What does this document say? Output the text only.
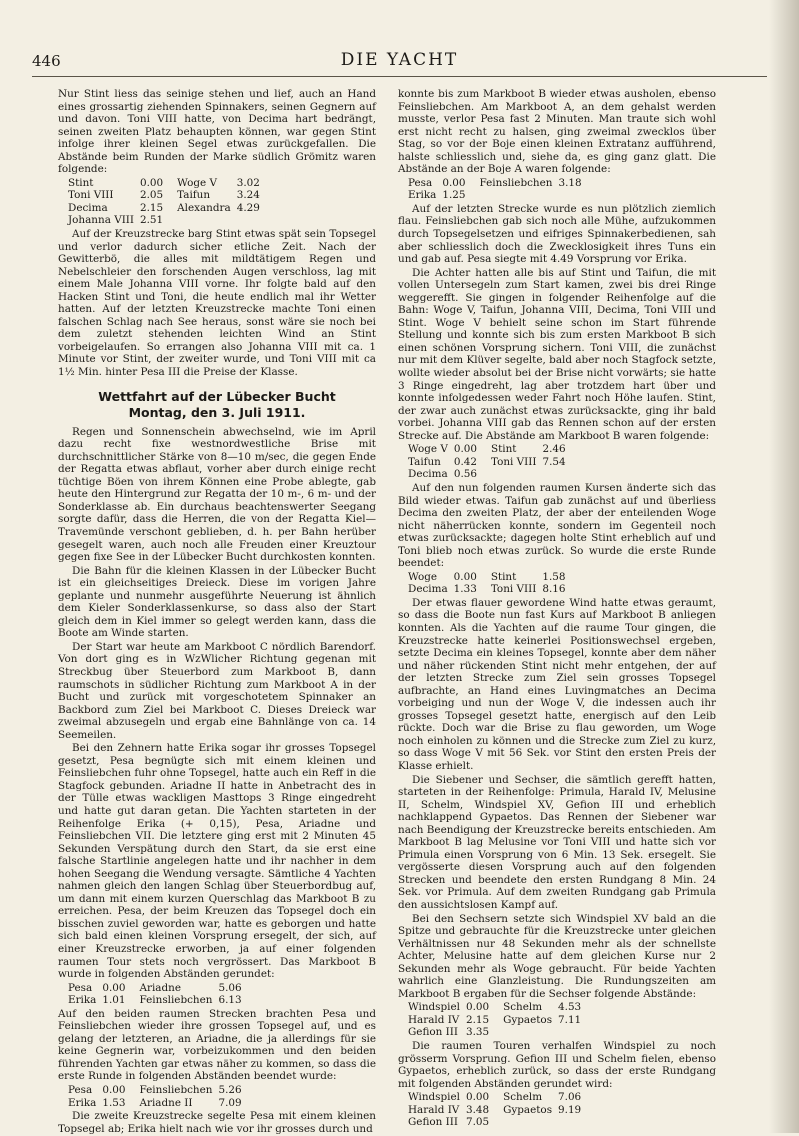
446	DIE YACHT

Nur Stint liess das seinige stehen und lief, auch an Hand eines grossartig ziehenden Spinnakers, seinen Gegnern auf und davon. Toni VIII hatte, von Decima hart bedrängt, seinen zweiten Platz behaupten können, war gegen Stint infolge ihrer kleinen Segel etwas zurückgefallen. Die Abstände beim Runden der Marke südlich Grömitz waren folgende:

Stint	0.00	Woge V	3.02
Toni VIII	2.05	Taifun	3.24
Decima	2.15	Alexandra	4.29
Johanna VIII	2.51		

Auf der Kreuzstrecke barg Stint etwas spät sein Topsegel und verlor dadurch sicher etliche Zeit. Nach der Gewitterbö, die alles mit mildtätigem Regen und Nebelschleier den forschenden Augen verschloss, lag mit einem Male Johanna VIII vorne. Ihr folgte bald auf den Hacken Stint und Toni, die heute endlich mal ihr Wetter hatten. Auf der letzten Kreuzstrecke machte Toni einen falschen Schlag nach See heraus, sonst wäre sie noch bei dem zuletzt stehenden leichten Wind an Stint vorbeigelaufen. So errangen also Johanna VIII mit ca. 1 Minute vor Stint, der zweiter wurde, und Toni VIII mit ca 1½ Min. hinter Pesa III die Preise der Klasse.

Wettfahrt auf der Lübecker Bucht
Montag, den 3. Juli 1911.

Regen und Sonnenschein abwechselnd, wie im April dazu recht fixe westnordwestliche Brise mit durchschnittlicher Stärke von 8—10 m/sec, die gegen Ende der Regatta etwas abflaut, vorher aber durch einige recht tüchtige Böen von ihrem Können eine Probe ablegte, gab heute den Hintergrund zur Regatta der 10 m-, 6 m- und der Sonderklasse ab. Ein durchaus beachtenswerter Seegang sorgte dafür, dass die Herren, die von der Regatta Kiel—Travemünde verschont geblieben, d. h. per Bahn herüber gesegelt waren, auch noch alle Freuden einer Kreuztour gegen fixe See in der Lübecker Bucht durchkosten konnten.

Die Bahn für die kleinen Klassen in der Lübecker Bucht ist ein gleichseitiges Dreieck. Diese im vorigen Jahre geplante und nunmehr ausgeführte Neuerung ist ähnlich dem Kieler Sonderklassenkurse, so dass also der Start gleich dem in Kiel immer so gelegt werden kann, dass die Boote am Winde starten.

Der Start war heute am Markboot C nördlich Barendorf. Von dort ging es in WzWlicher Richtung gegenan mit Streckbug über Steuerbord zum Markboot B, dann raumschots in südlicher Richtung zum Markboot A in der Bucht und zurück mit vorgeschotetem Spinnaker an Backbord zum Ziel bei Markboot C. Dieses Dreieck war zweimal abzusegeln und ergab eine Bahnlänge von ca. 14 Seemeilen.

Bei den Zehnern hatte Erika sogar ihr grosses Topsegel gesetzt, Pesa begnügte sich mit einem kleinen und Feinsliebchen fuhr ohne Topsegel, hatte auch ein Reff in die Stagfock gebunden. Ariadne II hatte in Anbetracht des in der Tülle etwas wackligen Masttops 3 Ringe eingedreht und hatte gut daran getan. Die Yachten starteten in der Reihenfolge Erika (+ 0,15), Pesa, Ariadne und Feinsliebchen VII. Die letztere ging erst mit 2 Minuten 45 Sekunden Verspätung durch den Start, da sie erst eine falsche Startlinie angelegen hatte und ihr nachher in dem hohen Seegang die Wendung versagte. Sämtliche 4 Yachten nahmen gleich den langen Schlag über Steuerbordbug auf, um dann mit einem kurzen Querschlag das Markboot B zu erreichen. Pesa, der beim Kreuzen das Topsegel doch ein bisschen zuviel geworden war, hatte es geborgen und hatte sich bald einen kleinen Vorsprung ersegelt, der sich, auf einer Kreuzstrecke erworben, ja auf einer folgenden raumen Tour stets noch vergrössert. Das Markboot B wurde in folgenden Abständen gerundet:

Pesa	0.00	Ariadne	5.06
Erika	1.01	Feinsliebchen	6.13

Auf den beiden raumen Strecken brachten Pesa und Feinsliebchen wieder ihre grossen Topsegel auf, und es gelang der letzteren, an Ariadne, die ja allerdings für sie keine Gegnerin war, vorbeizukommen und den beiden führenden Yachten gar etwas näher zu kommen, so dass die erste Runde in folgenden Abständen beendet wurde:

Pesa	0.00	Feinsliebchen	5.26
Erika	1.53	Ariadne II	7.09

Die zweite Kreuzstrecke segelte Pesa mit einem kleinen Topsegel ab; Erika hielt nach wie vor ihr grosses durch und

konnte bis zum Markboot B wieder etwas ausholen, ebenso Feinsliebchen. Am Markboot A, an dem gehalst werden musste, verlor Pesa fast 2 Minuten. Man traute sich wohl erst nicht recht zu halsen, ging zweimal zwecklos über Stag, so vor der Boje einen kleinen Extratanz aufführend, halste schliesslich und, siehe da, es ging ganz glatt. Die Abstände an der Boje A waren folgende:

Pesa	0.00	Feinsliebchen	3.18
Erika	1.25		

Auf der letzten Strecke wurde es nun plötzlich ziemlich flau. Feinsliebchen gab sich noch alle Mühe, aufzukommen durch Topsegelsetzen und eifriges Spinnakerbedienen, sah aber schliesslich doch die Zwecklosigkeit ihres Tuns ein und gab auf. Pesa siegte mit 4.49 Vorsprung vor Erika.

Die Achter hatten alle bis auf Stint und Taifun, die mit vollen Untersegeln zum Start kamen, zwei bis drei Ringe weggerefft. Sie gingen in folgender Reihenfolge auf die Bahn: Woge V, Taifun, Johanna VIII, Decima, Toni VIII und Stint. Woge V behielt seine schon im Start führende Stellung und konnte sich bis zum ersten Markboot B sich einen schönen Vorsprung sichern. Toni VIII, die zunächst nur mit dem Klüver segelte, bald aber noch Stagfock setzte, wollte wieder absolut bei der Brise nicht vorwärts; sie hatte 3 Ringe eingedreht, lag aber trotzdem hart über und konnte infolgedessen weder Fahrt noch Höhe laufen. Stint, der zwar auch zunächst etwas zurücksackte, ging ihr bald vorbei. Johanna VIII gab das Rennen schon auf der ersten Strecke auf. Die Abstände am Markboot B waren folgende:

Woge V	0.00	Stint	2.46
Taifun	0.42	Toni VIII	7.54
Decima	0.56		

Auf den nun folgenden raumen Kursen änderte sich das Bild wieder etwas. Taifun gab zunächst auf und überliess Decima den zweiten Platz, der aber der enteilenden Woge nicht näherrücken konnte, sondern im Gegenteil noch etwas zurücksackte; dagegen holte Stint erheblich auf und Toni blieb noch etwas zurück. So wurde die erste Runde beendet:

Woge	0.00	Stint	1.58
Decima	1.33	Toni VIII	8.16

Der etwas flauer gewordene Wind hatte etwas geraumt, so dass die Boote nun fast Kurs auf Markboot B anliegen konnten. Als die Yachten auf die raume Tour gingen, die Kreuzstrecke hatte keinerlei Positionswechsel ergeben, setzte Decima ein kleines Topsegel, konnte aber dem näher und näher rückenden Stint nicht mehr entgehen, der auf der letzten Strecke zum Ziel sein grosses Topsegel aufbrachte, an Hand eines Luvingmatches an Decima vorbeiging und nun der Woge V, die indessen auch ihr grosses Topsegel gesetzt hatte, energisch auf den Leib rückte. Doch war die Brise zu flau geworden, um Woge noch einholen zu können und die Strecke zum Ziel zu kurz, so dass Woge V mit 56 Sek. vor Stint den ersten Preis der Klasse erhielt.

Die Siebener und Sechser, die sämtlich gerefft hatten, starteten in der Reihenfolge: Primula, Harald IV, Melusine II, Schelm, Windspiel XV, Gefion III und erheblich nachklappend Gypaetos. Das Rennen der Siebener war nach Beendigung der Kreuzstrecke bereits entschieden. Am Markboot B lag Melusine vor Toni VIII und hatte sich vor Primula einen Vorsprung von 6 Min. 13 Sek. ersegelt. Sie vergösserte diesen Vorsprung auch auf den folgenden Strecken und beendete den ersten Rundgang 8 Min. 24 Sek. vor Primula. Auf dem zweiten Rundgang gab Primula den aussichtslosen Kampf auf.

Bei den Sechsern setzte sich Windspiel XV bald an die Spitze und gebrauchte für die Kreuzstrecke unter gleichen Verhältnissen nur 48 Sekunden mehr als der schnellste Achter, Melusine hatte auf dem gleichen Kurse nur 2 Sekunden mehr als Woge gebraucht. Für beide Yachten wahrlich eine Glanzleistung. Die Rundungszeiten am Markboot B ergaben für die Sechser folgende Abstände:

Windspiel	0.00	Schelm	4.53
Harald IV	2.15	Gypaetos	7.11
Gefion III	3.35		

Die raumen Touren verhalfen Windspiel zu noch grösserm Vorsprung. Gefion III und Schelm fielen, ebenso Gypaetos, erheblich zurück, so dass der erste Rundgang mit folgenden Abständen gerundet wird:

Windspiel	0.00	Schelm	7.06
Harald IV	3.48	Gypaetos	9.19
Gefion III	7.05		
